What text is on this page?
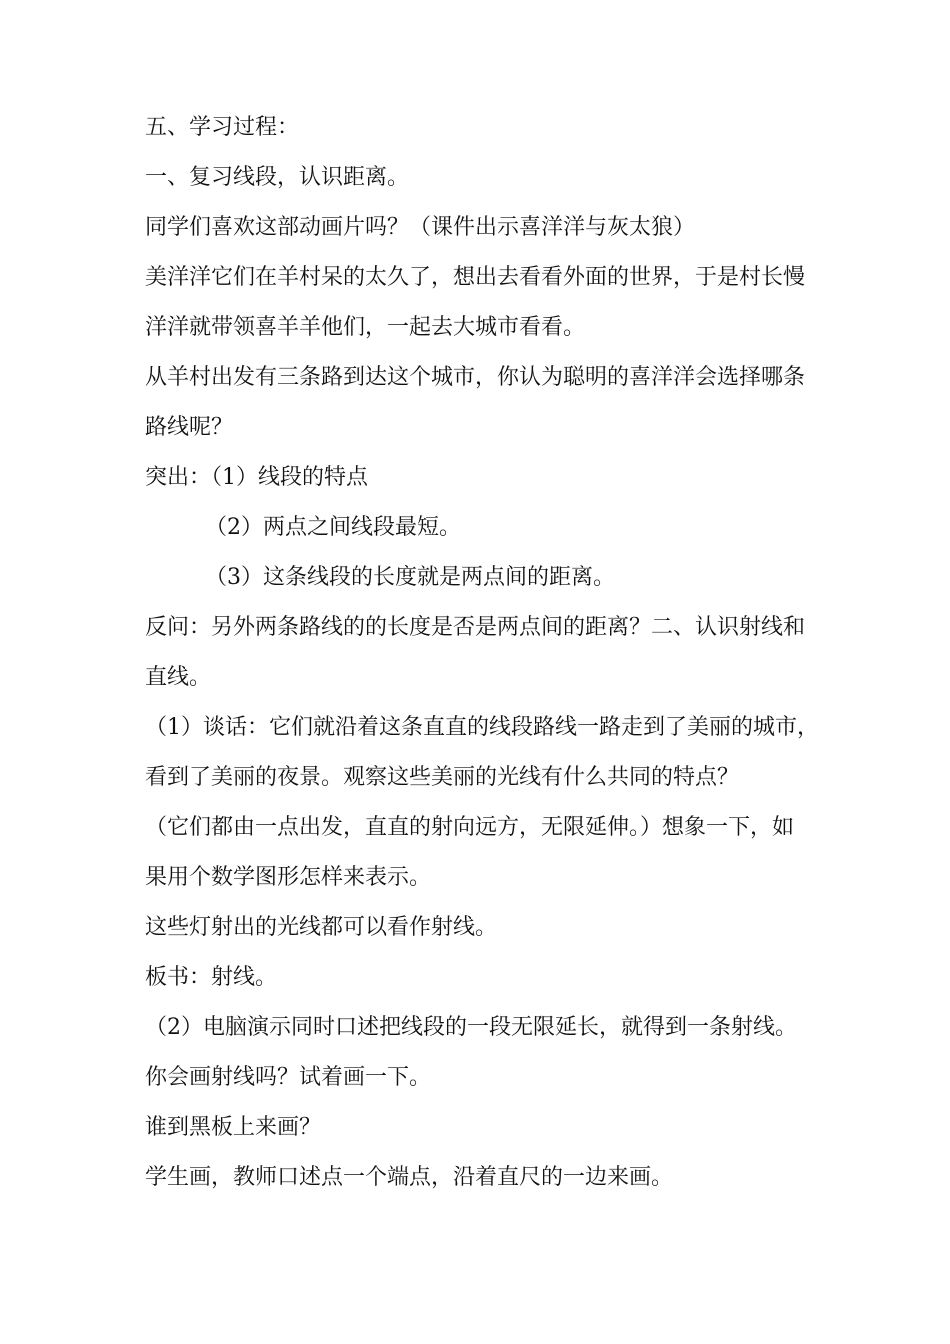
五、学习过程：
一、复习线段，认识距离。
同学们喜欢这部动画片吗？（课件出示喜洋洋与灰太狼）
美洋洋它们在羊村呆的太久了，想出去看看外面的世界，于是村长慢
洋洋就带领喜羊羊他们，一起去大城市看看。
从羊村出发有三条路到达这个城市，你认为聪明的喜洋洋会选择哪条
路线呢？
突出：（1）线段的特点
（2）两点之间线段最短。
（3）这条线段的长度就是两点间的距离。
反问：另外两条路线的的长度是否是两点间的距离？二、认识射线和
直线。
（1）谈话：它们就沿着这条直直的线段路线一路走到了美丽的城市，
看到了美丽的夜景。观察这些美丽的光线有什么共同的特点？
（它们都由一点出发，直直的射向远方，无限延伸。）想象一下，如
果用个数学图形怎样来表示。
这些灯射出的光线都可以看作射线。
板书：射线。
（2）电脑演示同时口述把线段的一段无限延长，就得到一条射线。
你会画射线吗？试着画一下。
谁到黑板上来画？
学生画，教师口述点一个端点，沿着直尺的一边来画。
